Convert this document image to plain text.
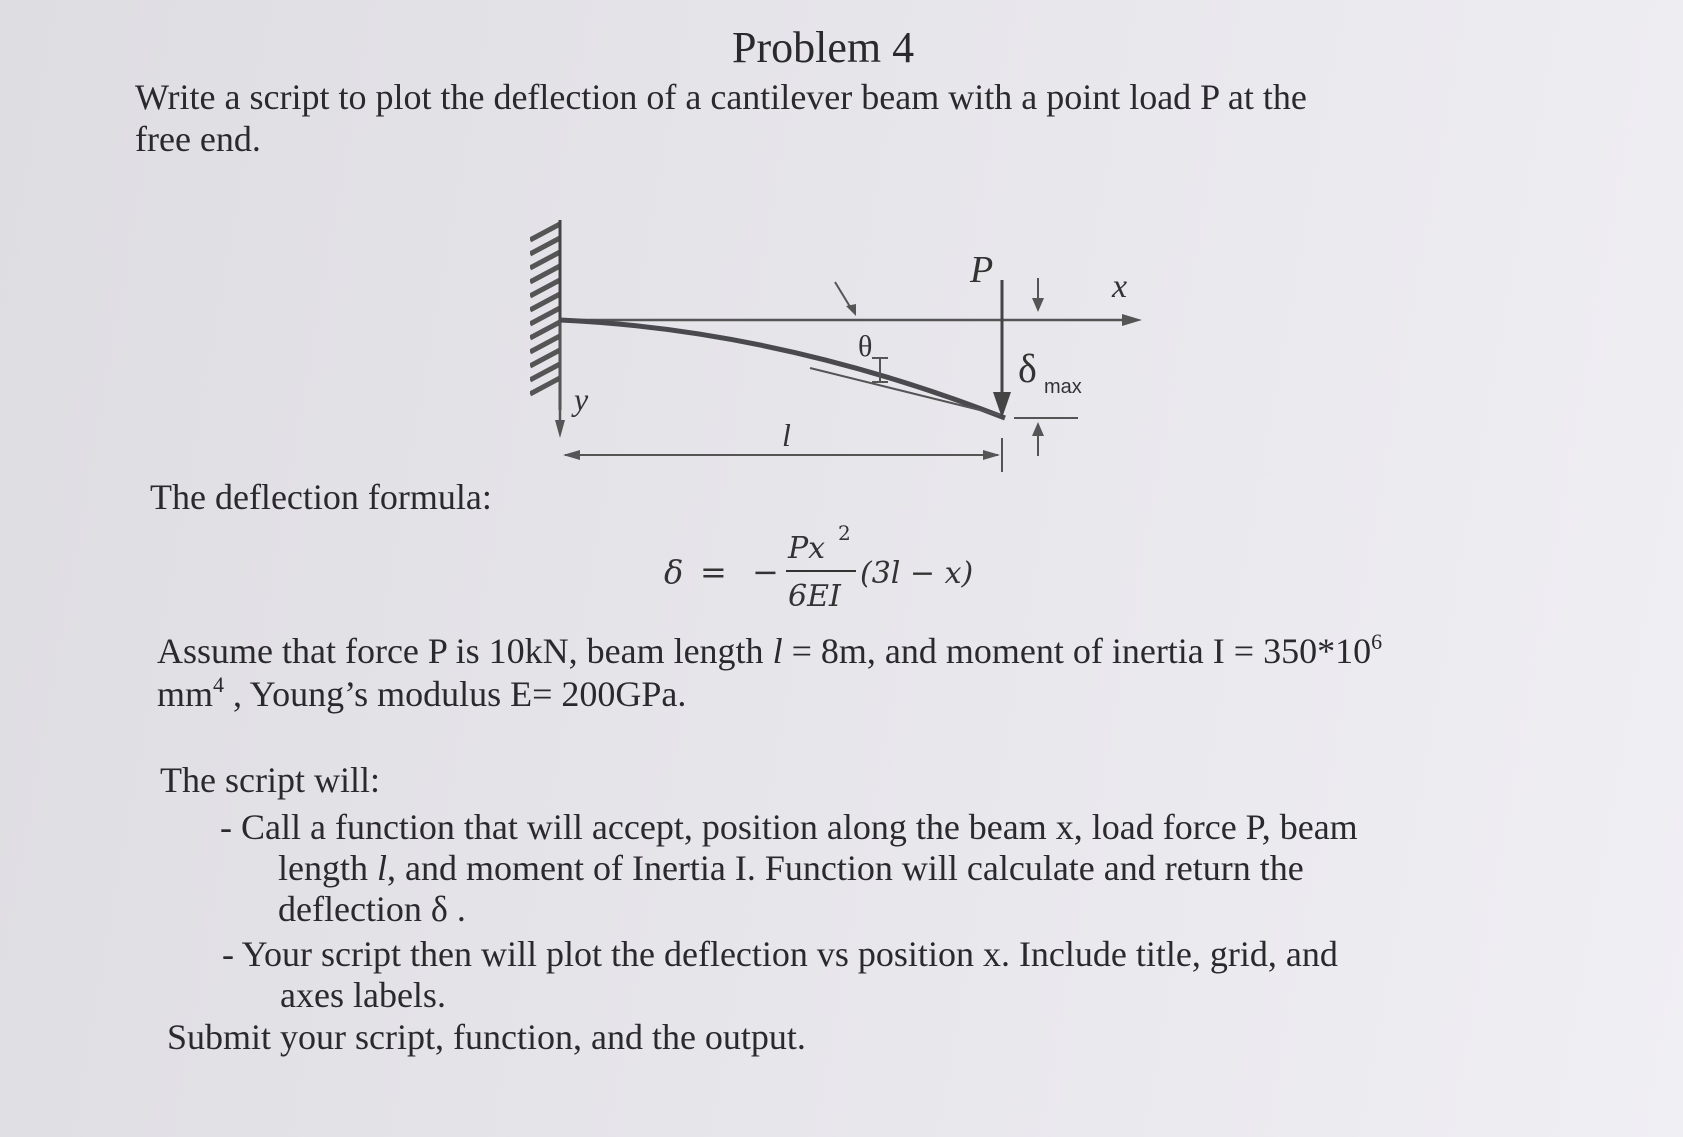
Problem 4
Write a script to plot the deflection of a cantilever beam with a point load P at the
free end.
P	x
y
θ
l
δ max
The deflection formula:
δ = −
Px 2
6EI
(3l − x)
Assume that force P is 10kN, beam length l = 8m, and moment of inertia $I = 350*10^6$
$mm^4$ , Young’s modulus E= 200GPa.
The script will:
- Call a function that will accept, position along the beam x, load force P, beam
length l, and moment of Inertia I. Function will calculate and return the
deflection δ .
- Your script then will plot the deflection vs position x. Include title, grid, and
axes labels.
Submit your script, function, and the output.
